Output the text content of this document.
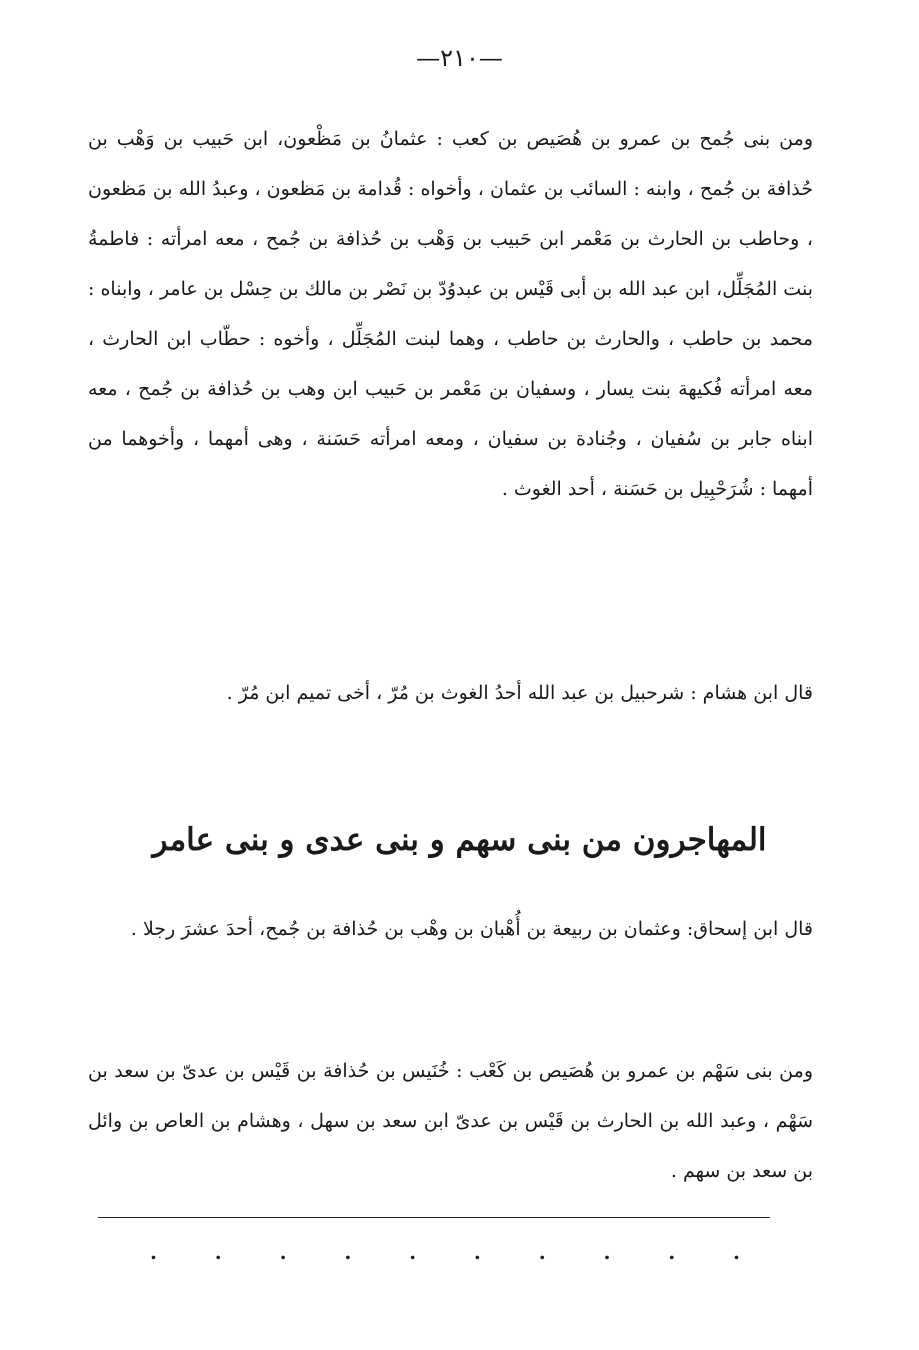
—٢١٠—

ومن بنى جُمح بن عمرو بن هُصَيص بن كعب : عثمانُ بن مَظْعون، ابن حَبيب بن وَهْب بن حُذافة بن جُمح ، وابنه : السائب بن عثمان ، وأخواه : قُدامة بن مَظعون ، وعبدُ الله بن مَظعون ، وحاطب بن الحارث بن مَعْمر ابن حَبيب بن وَهْب بن حُذافة بن جُمح ، معه امرأته : فاطمةُ بنت المُجَلِّل، ابن عبد الله بن أبى قَيْس بن عبدوُدّ بن نَصْر بن مالك بن حِسْل بن عامر ، وابناه : محمد بن حاطب ، والحارث بن حاطب ، وهما لبنت المُجَلِّل ، وأخوه : حطّاب ابن الحارث ، معه امرأته فُكيهة بنت يسار ، وسفيان بن مَعْمر بن حَبيب ابن وهب بن حُذافة بن جُمح ، معه ابناه جابر بن سُفيان ، وجُنادة بن سفيان ، ومعه امرأته حَسَنة ، وهى أمهما ، وأخوهما من أمهما : شُرَحْبِيل بن حَسَنة ، أحد الغوث .

قال ابن هشام : شرحبيل بن عبد الله أحدُ الغوث بن مُرّ ، أخى تميم ابن مُرّ .

المهاجرون من بنى سهم و بنى عدى و بنى عامر

قال ابن إسحاق: وعثمان بن ربيعة بن أُهْبان بن وهْب بن حُذافة بن جُمح، أحدَ عشرَ رجلا .

ومن بنى سَهْم بن عمرو بن هُصَيص بن كَعْب : خُنَيس بن حُذافة بن قَيْس بن عدىّ بن سعد بن سَهْم ، وعبد الله بن الحارث بن قَيْس بن عدىّ ابن سعد بن سهل ، وهشام بن العاص بن وائل بن سعد بن سهم .

.	.	.	.	.	.	.	.	.	.
